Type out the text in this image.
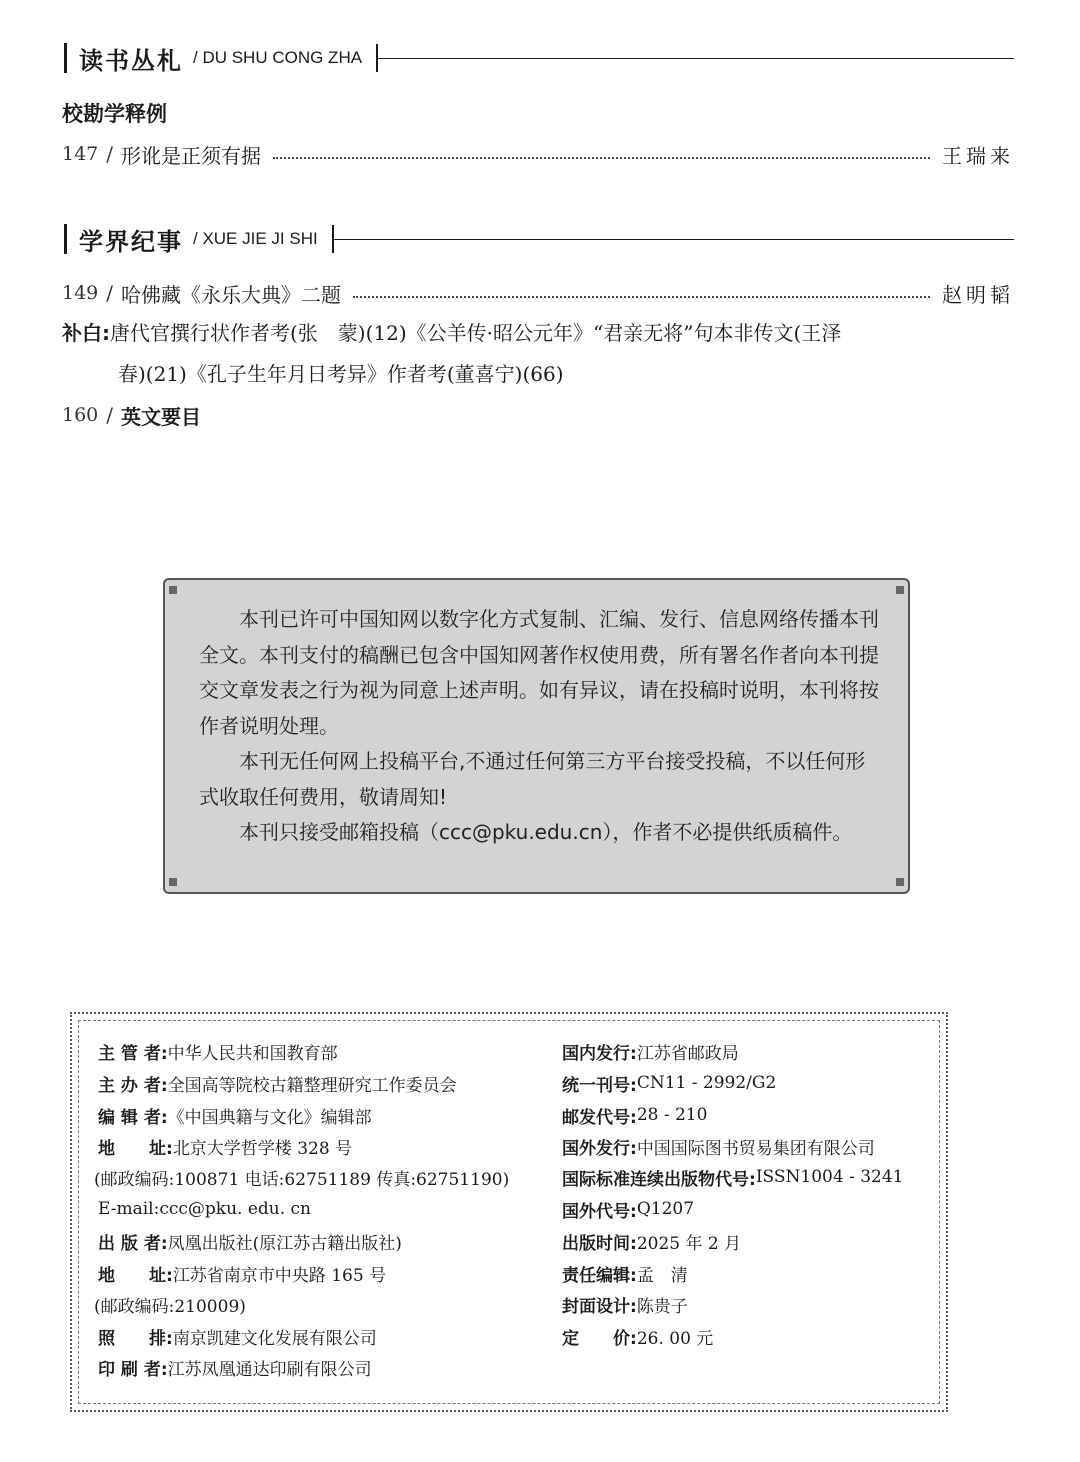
读书丛札 / DU SHU CONG ZHA
校勘学释例
147 / 形讹是正须有据	王瑞来
学界纪事 / XUE JIE JI SHI
149 / 哈佛藏《永乐大典》二题	赵明韬
补白:唐代官撰行状作者考(张　蒙)(12)《公羊传·昭公元年》“君亲无将”句本非传文(王泽
春)(21)《孔子生年月日考异》作者考(董喜宁)(66)
160 / 英文要目
　　本刊已许可中国知网以数字化方式复制、汇编、发行、信息网络传播本刊全文。本刊支付的稿酬已包含中国知网著作权使用费，所有署名作者向本刊提交文章发表之行为视为同意上述声明。如有异议，请在投稿时说明，本刊将按作者说明处理。
　　本刊无任何网上投稿平台,不通过任何第三方平台接受投稿，不以任何形式收取任何费用，敬请周知!
　　本刊只接受邮箱投稿（ccc@pku.edu.cn），作者不必提供纸质稿件。
主 管 者: 中华人民共和国教育部
主 办 者: 全国高等院校古籍整理研究工作委员会
编 辑 者: 《中国典籍与文化》编辑部
地　　址: 北京大学哲学楼 328 号
(邮政编码:100871 电话:62751189 传真:62751190)
E-mail:ccc@pku. edu. cn
出 版 者: 凤凰出版社(原江苏古籍出版社)
地　　址: 江苏省南京市中央路 165 号
(邮政编码:210009)
照　　排: 南京凯建文化发展有限公司
印 刷 者: 江苏凤凰通达印刷有限公司
国内发行: 江苏省邮政局
统一刊号: CN11 - 2992/G2
邮发代号: 28 - 210
国外发行: 中国国际图书贸易集团有限公司
国际标准连续出版物代号: ISSN1004 - 3241
国外代号: Q1207
出版时间: 2025 年 2 月
责任编辑: 孟　清
封面设计: 陈贵子
定　　价: 26. 00 元
